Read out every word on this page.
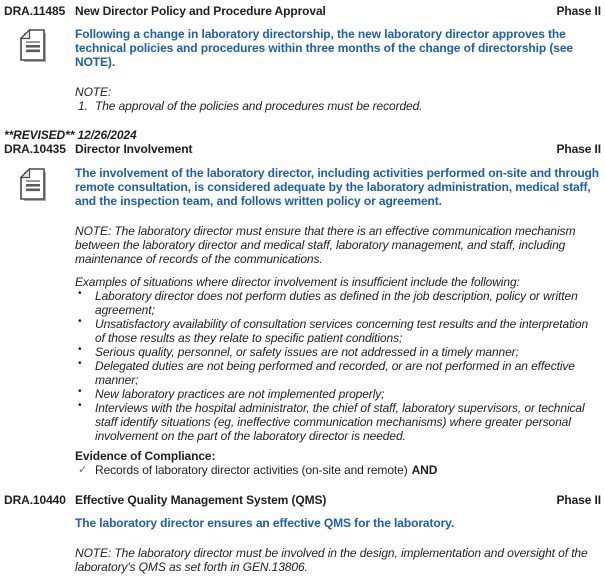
DRA.11485 New Director Policy and Procedure Approval	Phase II

Following a change in laboratory directorship, the new laboratory director approves the technical policies and procedures within three months of the change of directorship (see NOTE).

NOTE:
1. The approval of the policies and procedures must be recorded.
**REVISED** 12/26/2024
DRA.10435 Director Involvement	Phase II

The involvement of the laboratory director, including activities performed on-site and through remote consultation, is considered adequate by the laboratory administration, medical staff, and the inspection team, and follows written policy or agreement.

NOTE: The laboratory director must ensure that there is an effective communication mechanism between the laboratory director and medical staff, laboratory management, and staff, including maintenance of records of the communications.

Examples of situations where director involvement is insufficient include the following:

•	Laboratory director does not perform duties as defined in the job description, policy or written agreement;
•	Unsatisfactory availability of consultation services concerning test results and the interpretation of those results as they relate to specific patient conditions;
•	Serious quality, personnel, or safety issues are not addressed in a timely manner;
•	Delegated duties are not being performed and recorded, or are not performed in an effective manner;
•	New laboratory practices are not implemented properly;
•	Interviews with the hospital administrator, the chief of staff, laboratory supervisors, or technical staff identify situations (eg, ineffective communication mechanisms) where greater personal involvement on the part of the laboratory director is needed.
Evidence of Compliance:
✓ Records of laboratory director activities (on-site and remote) AND
DRA.10440 Effective Quality Management System (QMS)	Phase II

The laboratory director ensures an effective QMS for the laboratory.

NOTE: The laboratory director must be involved in the design, implementation and oversight of the laboratory's QMS as set forth in GEN.13806.
